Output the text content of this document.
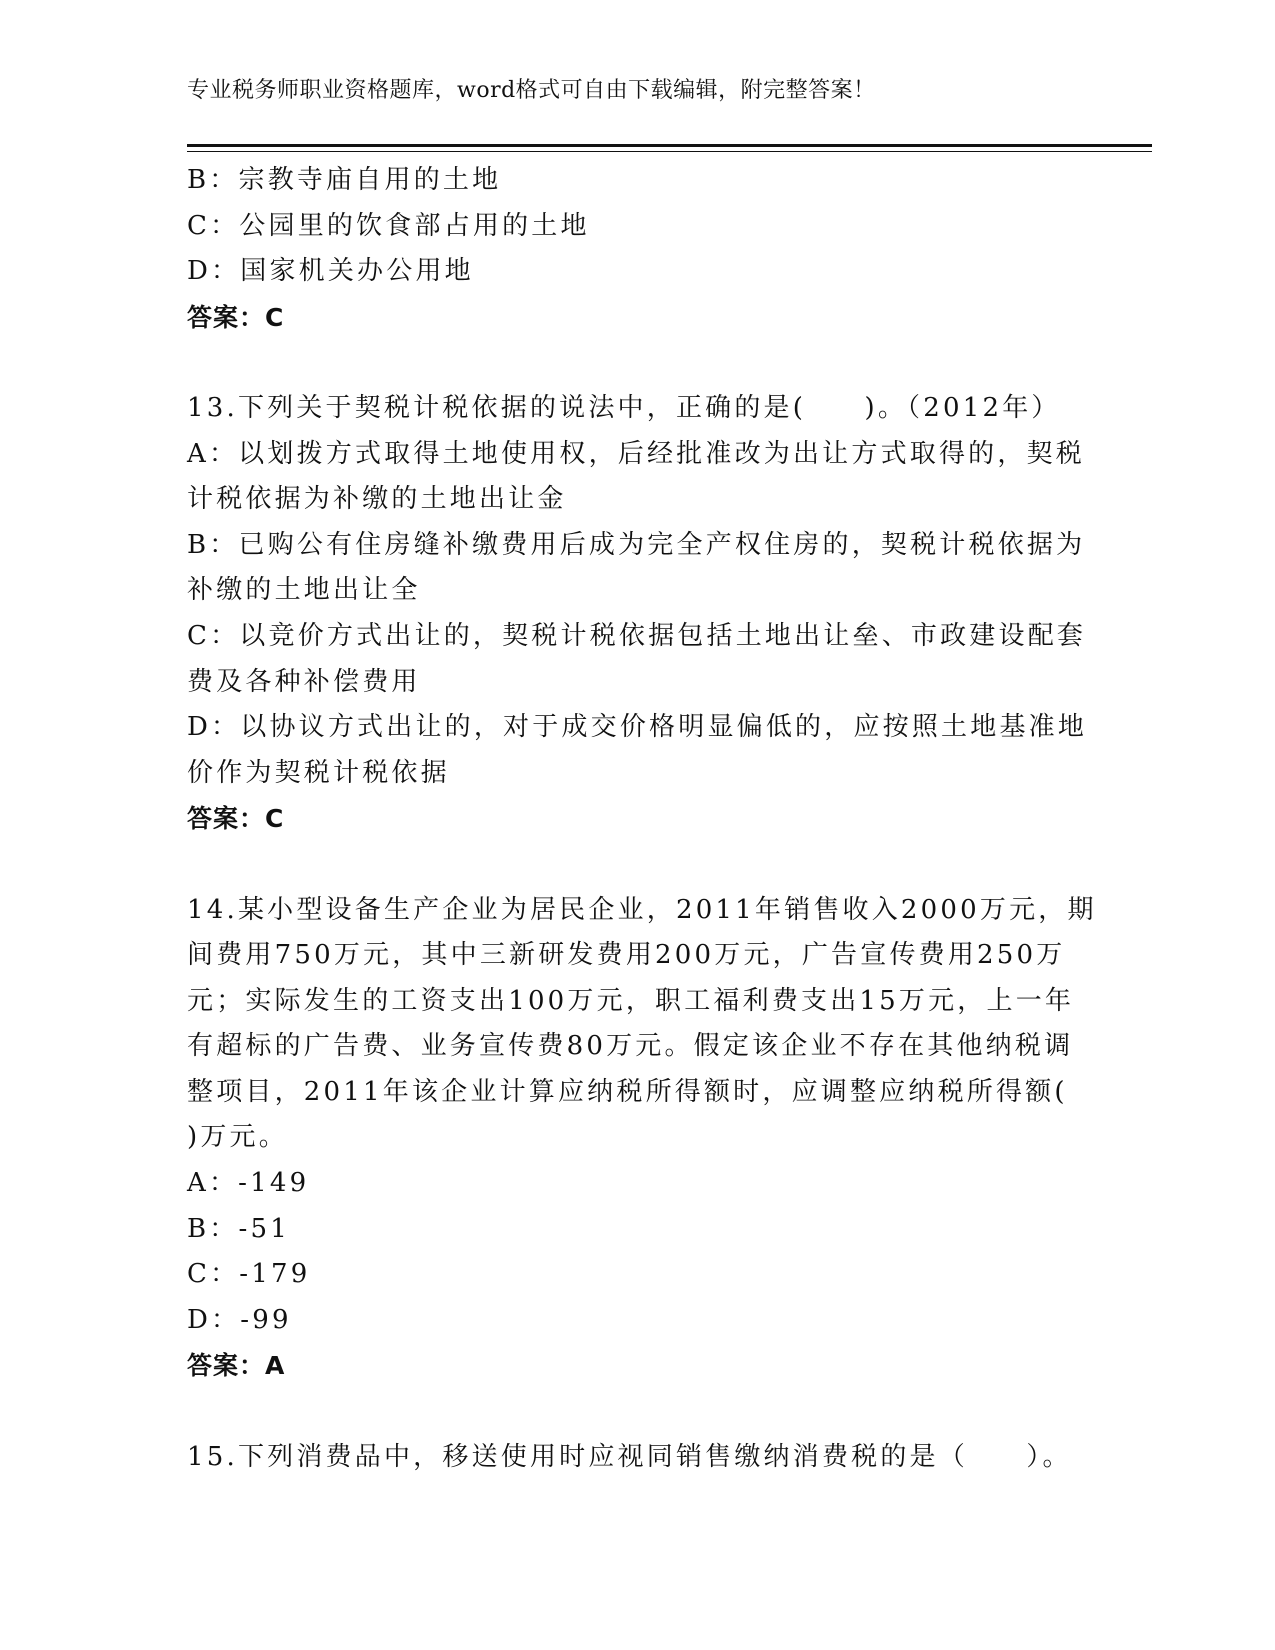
专业税务师职业资格题库，word格式可自由下载编辑，附完整答案！
B：宗教寺庙自用的土地
C：公园里的饮食部占用的土地
D：国家机关办公用地
答案：C
13.下列关于契税计税依据的说法中，正确的是(　　)。（2012年）
A：以划拨方式取得土地使用权，后经批准改为出让方式取得的，契税
计税依据为补缴的土地出让金
B：已购公有住房缝补缴费用后成为完全产权住房的，契税计税依据为
补缴的土地出让全
C：以竞价方式出让的，契税计税依据包括土地出让垒、市政建设配套
费及各种补偿费用
D：以协议方式出让的，对于成交价格明显偏低的，应按照土地基准地
价作为契税计税依据
答案：C
14.某小型设备生产企业为居民企业，2011年销售收入2000万元，期
间费用750万元，其中三新研发费用200万元，广告宣传费用250万
元；实际发生的工资支出100万元，职工福利费支出15万元，上一年
有超标的广告费、业务宣传费80万元。假定该企业不存在其他纳税调
整项目，2011年该企业计算应纳税所得额时，应调整应纳税所得额(
)万元。
A：-149
B：-51
C：-179
D：-99
答案：A
15.下列消费品中，移送使用时应视同销售缴纳消费税的是（　　）。
